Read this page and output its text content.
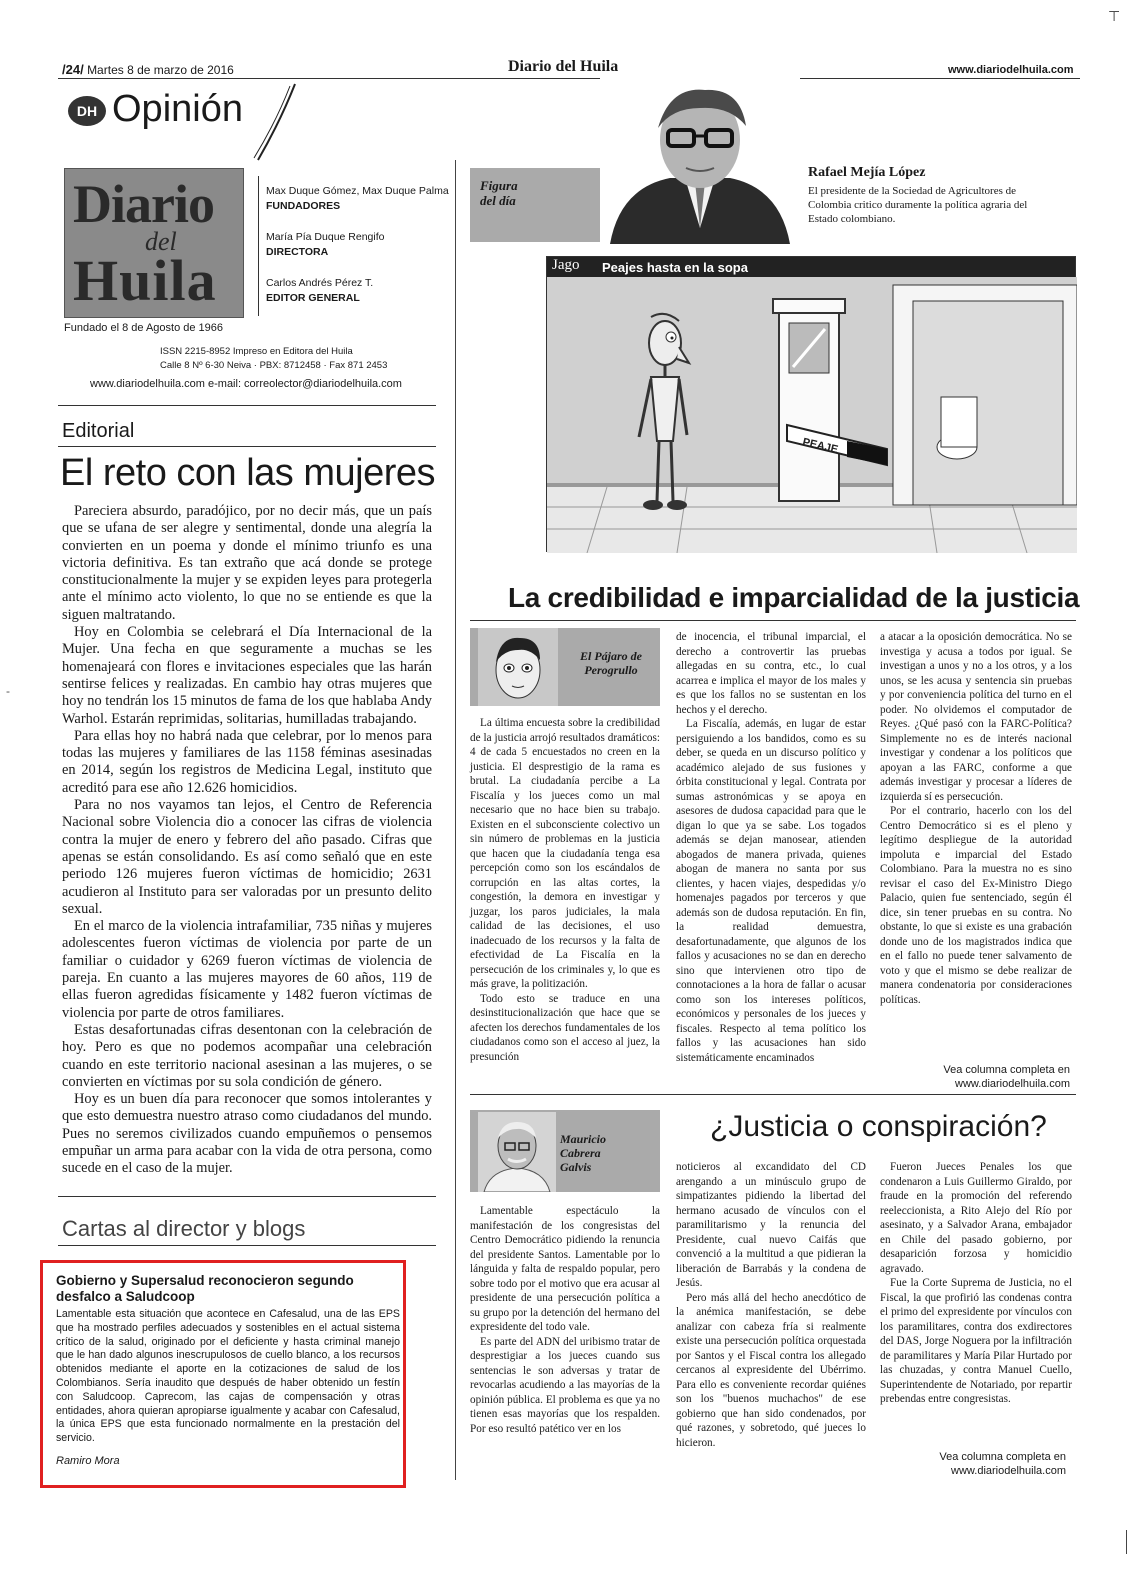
⊤
-
/24/ Martes 8 de marzo de 2016	Diario del Huila	www.diariodelhuila.com
DH Opinión
Diario
del
Huila
Max Duque Gómez, Max Duque Palma
FUNDADORES
María Pía Duque Rengifo
DIRECTORA
Carlos Andrés Pérez T.
EDITOR GENERAL
Fundado el 8 de Agosto de 1966
ISSN 2215-8952 Impreso en Editora del Huila
Calle 8 Nº 6-30 Neiva · PBX: 8712458 · Fax 871 2453
www.diariodelhuila.com e-mail: correolector@diariodelhuila.com
Editorial
El reto con las mujeres

Pareciera absurdo, paradójico, por no decir más, que un país que se ufana de ser alegre y sentimental, donde una alegría la convierten en un poema y donde el mínimo triunfo es una victoria definitiva. Es tan extraño que acá donde se protege constitucionalmente la mujer y se expiden leyes para protegerla ante el mínimo acto violento, lo que no se entiende es que la siguen maltratando.

Hoy en Colombia se celebrará el Día Internacional de la Mujer. Una fecha en que seguramente a muchas se les homenajeará con flores e invitaciones especiales que las harán sentirse felices y realizadas. En cambio hay otras mujeres que hoy no tendrán los 15 minutos de fama de los que hablaba Andy Warhol. Estarán reprimidas, solitarias, humilladas trabajando.

Para ellas hoy no habrá nada que celebrar, por lo menos para todas las mujeres y familiares de las 1158 féminas asesinadas en 2014, según los registros de Medicina Legal, instituto que acreditó para ese año 12.626 homicidios.

Para no nos vayamos tan lejos, el Centro de Referencia Nacional sobre Violencia dio a conocer las cifras de violencia contra la mujer de enero y febrero del año pasado. Cifras que apenas se están consolidando. Es así como señaló que en este periodo 126 mujeres fueron víctimas de homicidio; 2631 acudieron al Instituto para ser valoradas por un presunto delito sexual.

En el marco de la violencia intrafamiliar, 735 niñas y mujeres adolescentes fueron víctimas de violencia por parte de un familiar o cuidador y 6269 fueron víctimas de violencia de pareja. En cuanto a las mujeres mayores de 60 años, 119 de ellas fueron agredidas físicamente y 1482 fueron víctimas de violencia por parte de otros familiares.

Estas desafortunadas cifras desentonan con la celebración de hoy. Pero es que no podemos acompañar una celebración cuando en este territorio nacional asesinan a las mujeres, o se convierten en víctimas por su sola condición de género.

Hoy es un buen día para reconocer que somos intolerantes y que esto demuestra nuestro atraso como ciudadanos del mundo. Pues no seremos civilizados cuando empuñemos o pensemos empuñar un arma para acabar con la vida de otra persona, como sucede en el caso de la mujer.

Cartas al director y blogs
Gobierno y Supersalud reconocieron segundo desfalco a Saludcoop
Lamentable esta situación que acontece en Cafesalud, una de las EPS que ha mostrado perfiles adecuados y sostenibles en el actual sistema crítico de la salud, originado por el deficiente y hasta criminal manejo que le han dado algunos inescrupulosos de cuello blanco, a los recursos obtenidos mediante el aporte en la cotizaciones de salud de los Colombianos. Sería inaudito que después de haber obtenido un festín con Saludcoop. Caprecom, las cajas de compensación y otras entidades, ahora quieran apropiarse igualmente y acabar con Cafesalud, la única EPS que esta funcionado normalmente en la prestación del servicio.
Ramiro Mora
Figura
del día
Rafael Mejía López
El presidente de la Sociedad de Agricultores de Colombia critico duramente la política agraria del Estado colombiano.
PEAJE
Jago Peajes hasta en la sopa
La credibilidad e imparcialidad de la justicia
El Pájaro de Perogrullo

La última encuesta sobre la credibilidad de la justicia arrojó resultados dramáticos: 4 de cada 5 encuestados no creen en la justicia. El desprestigio de la rama es brutal. La ciudadanía percibe a La Fiscalía y los jueces como un mal necesario que no hace bien su trabajo. Existen en el subconsciente colectivo un sin número de problemas en la justicia que hacen que la ciudadanía tenga esa percepción como son los escándalos de corrupción en las altas cortes, la congestión, la demora en investigar y juzgar, los paros judiciales, la mala calidad de las decisiones, el uso inadecuado de los recursos y la falta de efectividad de La Fiscalía en la persecución de los criminales y, lo que es más grave, la politización.

Todo esto se traduce en una desinstitucionalización que hace que se afecten los derechos fundamentales de los ciudadanos como son el acceso al juez, la presunción

de inocencia, el tribunal imparcial, el derecho a controvertir las pruebas allegadas en su contra, etc., lo cual acarrea e implica el mayor de los males y es que los fallos no se sustentan en los hechos y el derecho.

La Fiscalía, además, en lugar de estar persiguiendo a los bandidos, como es su deber, se queda en un discurso político y académico alejado de sus fusiones y órbita constitucional y legal. Contrata por sumas astronómicas y se apoya en asesores de dudosa capacidad para que le digan lo que ya se sabe. Los togados además se dejan manosear, atienden abogados de manera privada, quienes abogan de manera no santa por sus clientes, y hacen viajes, despedidas y/o homenajes pagados por terceros y que además son de dudosa reputación. En fin, la realidad demuestra, desafortunadamente, que algunos de los fallos y acusaciones no se dan en derecho sino que intervienen otro tipo de connotaciones a la hora de fallar o acusar como son los intereses políticos, económicos y personales de los jueces y fiscales. Respecto al tema político los fallos y las acusaciones han sido sistemáticamente encaminados

a atacar a la oposición democrática. No se investiga y acusa a todos por igual. Se investigan a unos y no a los otros, y a los unos, se les acusa y sentencia sin pruebas y por conveniencia política del turno en el poder. No olvidemos el computador de Reyes. ¿Qué pasó con la FARC-Política? Simplemente no es de interés nacional investigar y condenar a los políticos que apoyan a las FARC, conforme a que además investigar y procesar a líderes de izquierda sí es persecución.

Por el contrario, hacerlo con los del Centro Democrático si es el pleno y legítimo despliegue de la autoridad impoluta e imparcial del Estado Colombiano. Para la muestra no es sino revisar el caso del Ex-Ministro Diego Palacio, quien fue sentenciado, según él dice, sin tener pruebas en su contra. No obstante, lo que si existe es una grabación donde uno de los magistrados indica que en el fallo no puede tener salvamento de voto y que el mismo se debe realizar de manera condenatoria por consideraciones políticas.

Vea columna completa en
www.diariodelhuila.com
¿Justicia o conspiración?
Mauricio
Cabrera
Galvis

Lamentable espectáculo la manifestación de los congresistas del Centro Democrático pidiendo la renuncia del presidente Santos. Lamentable por lo lánguida y falta de respaldo popular, pero sobre todo por el motivo que era acusar al presidente de una persecución política a su grupo por la detención del hermano del expresidente del todo vale.

Es parte del ADN del uribismo tratar de desprestigiar a los jueces cuando sus sentencias le son adversas y tratar de revocarlas acudiendo a las mayorías de la opinión pública. El problema es que ya no tienen esas mayorías que los respalden. Por eso resultó patético ver en los

noticieros al excandidato del CD arengando a un minúsculo grupo de simpatizantes pidiendo la libertad del hermano acusado de vínculos con el paramilitarismo y la renuncia del Presidente, cual nuevo Caifás que convenció a la multitud a que pidieran la liberación de Barrabás y la condena de Jesús.

Pero más allá del hecho anecdótico de la anémica manifestación, se debe analizar con cabeza fría si realmente existe una persecución política orquestada por Santos y el Fiscal contra los allegado cercanos al expresidente del Ubérrimo. Para ello es conveniente recordar quiénes son los "buenos muchachos" de ese gobierno que han sido condenados, por qué razones, y sobretodo, qué jueces lo hicieron.

Fueron Jueces Penales los que condenaron a Luis Guillermo Giraldo, por fraude en la promoción del referendo reeleccionista, a Rito Alejo del Río por asesinato, y a Salvador Arana, embajador en Chile del pasado gobierno, por desaparición forzosa y homicidio agravado.

Fue la Corte Suprema de Justicia, no el Fiscal, la que profirió las condenas contra el primo del expresidente por vínculos con los paramilitares, contra dos exdirectores del DAS, Jorge Noguera por la infiltración de paramilitares y María Pilar Hurtado por las chuzadas, y contra Manuel Cuello, Superintendente de Notariado, por repartir prebendas entre congresistas.

Vea columna completa en
www.diariodelhuila.com
